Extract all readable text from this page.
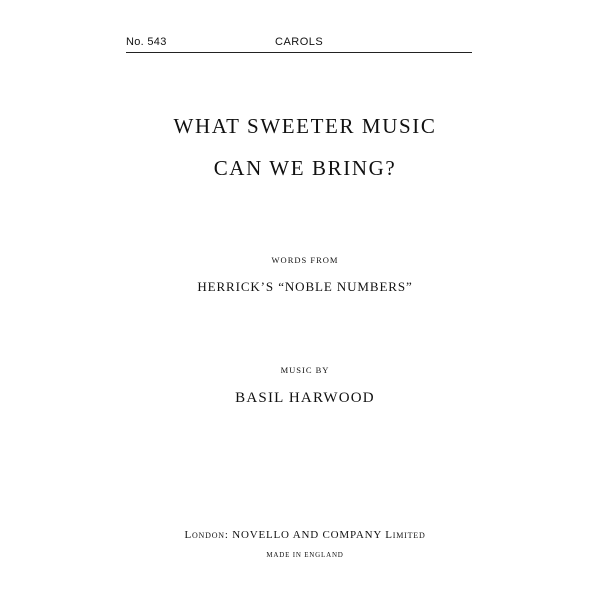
No. 543	CAROLS
WHAT SWEETER MUSIC
CAN WE BRING?
WORDS FROM
HERRICK’S “NOBLE NUMBERS”
MUSIC BY
BASIL HARWOOD
London: NOVELLO AND COMPANY Limited
MADE IN ENGLAND
